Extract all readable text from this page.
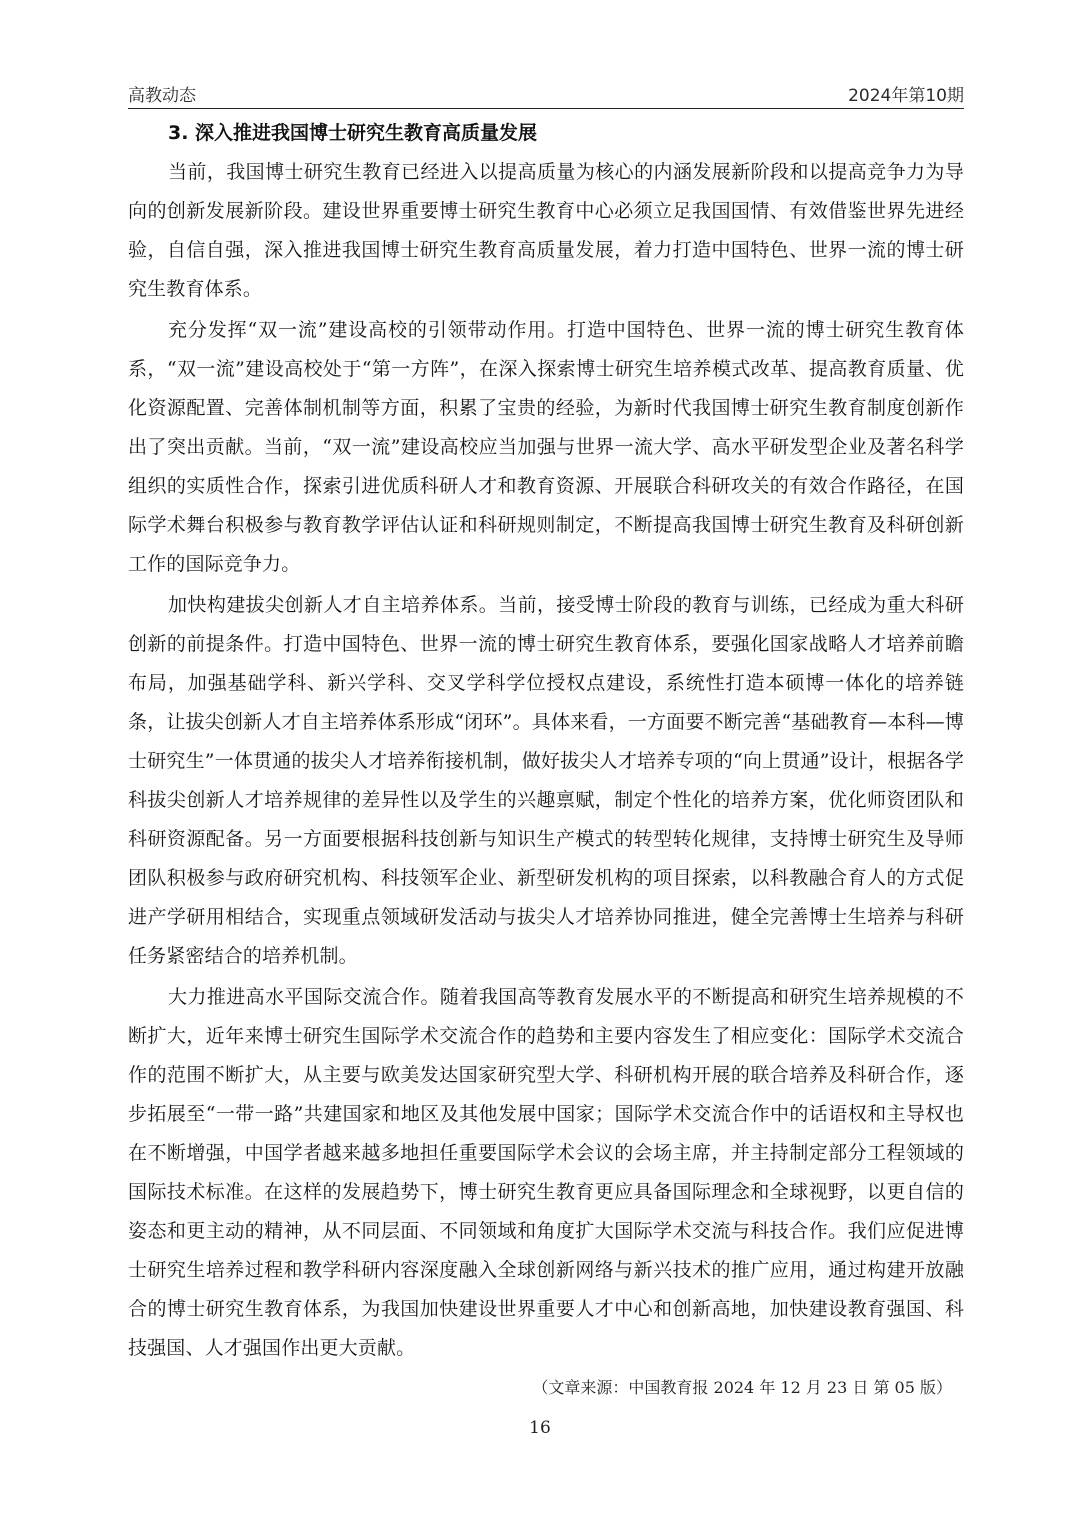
高教动态	2024年第10期
3. 深入推进我国博士研究生教育高质量发展

当前，我国博士研究生教育已经进入以提高质量为核心的内涵发展新阶段和以提高竞争力为导向的创新发展新阶段。建设世界重要博士研究生教育中心必须立足我国国情、有效借鉴世界先进经验，自信自强，深入推进我国博士研究生教育高质量发展，着力打造中国特色、世界一流的博士研究生教育体系。

充分发挥“双一流”建设高校的引领带动作用。打造中国特色、世界一流的博士研究生教育体系，“双一流”建设高校处于“第一方阵”，在深入探索博士研究生培养模式改革、提高教育质量、优化资源配置、完善体制机制等方面，积累了宝贵的经验，为新时代我国博士研究生教育制度创新作出了突出贡献。当前，“双一流”建设高校应当加强与世界一流大学、高水平研发型企业及著名科学组织的实质性合作，探索引进优质科研人才和教育资源、开展联合科研攻关的有效合作路径，在国际学术舞台积极参与教育教学评估认证和科研规则制定，不断提高我国博士研究生教育及科研创新工作的国际竞争力。

加快构建拔尖创新人才自主培养体系。当前，接受博士阶段的教育与训练，已经成为重大科研创新的前提条件。打造中国特色、世界一流的博士研究生教育体系，要强化国家战略人才培养前瞻布局，加强基础学科、新兴学科、交叉学科学位授权点建设，系统性打造本硕博一体化的培养链条，让拔尖创新人才自主培养体系形成“闭环”。具体来看，一方面要不断完善“基础教育—本科—博士研究生”一体贯通的拔尖人才培养衔接机制，做好拔尖人才培养专项的“向上贯通”设计，根据各学科拔尖创新人才培养规律的差异性以及学生的兴趣禀赋，制定个性化的培养方案，优化师资团队和科研资源配备。另一方面要根据科技创新与知识生产模式的转型转化规律，支持博士研究生及导师团队积极参与政府研究机构、科技领军企业、新型研发机构的项目探索，以科教融合育人的方式促进产学研用相结合，实现重点领域研发活动与拔尖人才培养协同推进，健全完善博士生培养与科研任务紧密结合的培养机制。

大力推进高水平国际交流合作。随着我国高等教育发展水平的不断提高和研究生培养规模的不断扩大，近年来博士研究生国际学术交流合作的趋势和主要内容发生了相应变化：国际学术交流合作的范围不断扩大，从主要与欧美发达国家研究型大学、科研机构开展的联合培养及科研合作，逐步拓展至“一带一路”共建国家和地区及其他发展中国家；国际学术交流合作中的话语权和主导权也在不断增强，中国学者越来越多地担任重要国际学术会议的会场主席，并主持制定部分工程领域的国际技术标准。在这样的发展趋势下，博士研究生教育更应具备国际理念和全球视野，以更自信的姿态和更主动的精神，从不同层面、不同领域和角度扩大国际学术交流与科技合作。我们应促进博士研究生培养过程和教学科研内容深度融入全球创新网络与新兴技术的推广应用，通过构建开放融合的博士研究生教育体系，为我国加快建设世界重要人才中心和创新高地，加快建设教育强国、科技强国、人才强国作出更大贡献。

（文章来源：中国教育报 2024 年 12 月 23 日 第 05 版）
16
